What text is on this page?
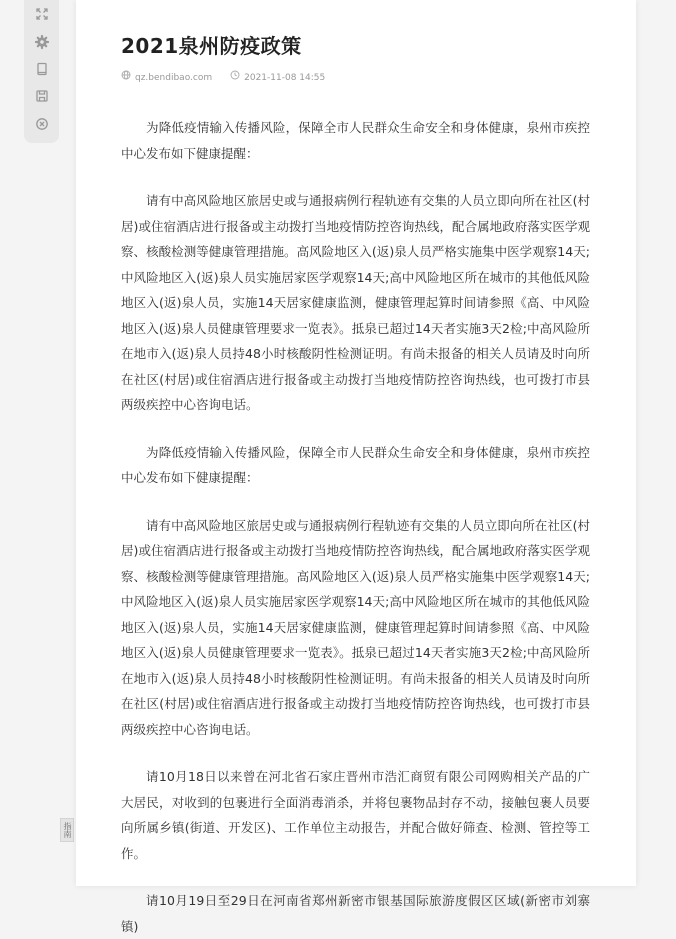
指南
2021泉州防疫政策
qz.bendibao.com	2021-11-08 14:55

为降低疫情输入传播风险，保障全市人民群众生命安全和身体健康，泉州市疾控中心发布如下健康提醒：

请有中高风险地区旅居史或与通报病例行程轨迹有交集的人员立即向所在社区(村居)或住宿酒店进行报备或主动拨打当地疫情防控咨询热线，配合属地政府落实医学观察、核酸检测等健康管理措施。高风险地区入(返)泉人员严格实施集中医学观察14天;中风险地区入(返)泉人员实施居家医学观察14天;高中风险地区所在城市的其他低风险地区入(返)泉人员，实施14天居家健康监测，健康管理起算时间请参照《高、中风险地区入(返)泉人员健康管理要求一览表》。抵泉已超过14天者实施3天2检;中高风险所在地市入(返)泉人员持48小时核酸阴性检测证明。有尚未报备的相关人员请及时向所在社区(村居)或住宿酒店进行报备或主动拨打当地疫情防控咨询热线，也可拨打市县两级疾控中心咨询电话。

为降低疫情输入传播风险，保障全市人民群众生命安全和身体健康，泉州市疾控中心发布如下健康提醒：

请有中高风险地区旅居史或与通报病例行程轨迹有交集的人员立即向所在社区(村居)或住宿酒店进行报备或主动拨打当地疫情防控咨询热线，配合属地政府落实医学观察、核酸检测等健康管理措施。高风险地区入(返)泉人员严格实施集中医学观察14天;中风险地区入(返)泉人员实施居家医学观察14天;高中风险地区所在城市的其他低风险地区入(返)泉人员，实施14天居家健康监测，健康管理起算时间请参照《高、中风险地区入(返)泉人员健康管理要求一览表》。抵泉已超过14天者实施3天2检;中高风险所在地市入(返)泉人员持48小时核酸阴性检测证明。有尚未报备的相关人员请及时向所在社区(村居)或住宿酒店进行报备或主动拨打当地疫情防控咨询热线，也可拨打市县两级疾控中心咨询电话。

请10月18日以来曾在河北省石家庄晋州市浩汇商贸有限公司网购相关产品的广大居民，对收到的包裹进行全面消毒消杀，并将包裹物品封存不动，接触包裹人员要向所属乡镇(街道、开发区)、工作单位主动报告，并配合做好筛查、检测、管控等工作。

请10月19日至29日在河南省郑州新密市银基国际旅游度假区区域(新密市刘寨镇)
